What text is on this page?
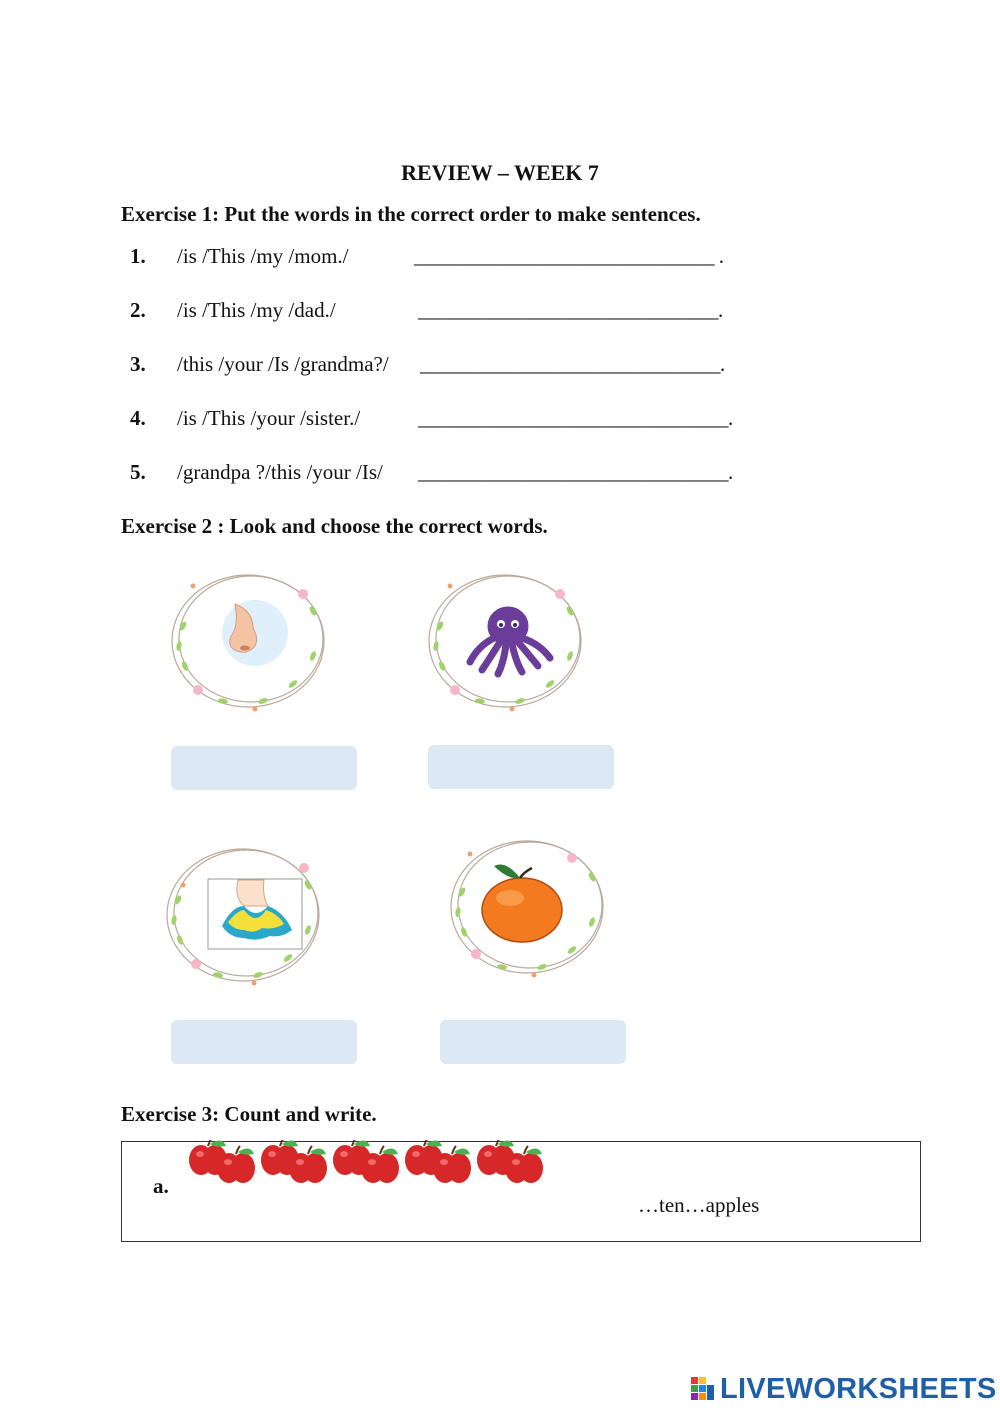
REVIEW – WEEK 7
Exercise 1: Put the words in the correct order to make sentences.
1. /is /This /my /mom./	______________________________ .
2. /is /This /my /dad./	______________________________.
3. /this /your /Is /grandma?/ ______________________________.
4. /is /This /your /sister./	_______________________________.
5. /grandpa ?/this /your /Is/ _______________________________.
Exercise 2 : Look and choose the correct words.
Exercise 3: Count and write.
a.
…ten…apples
LIVEWORKSHEETS
